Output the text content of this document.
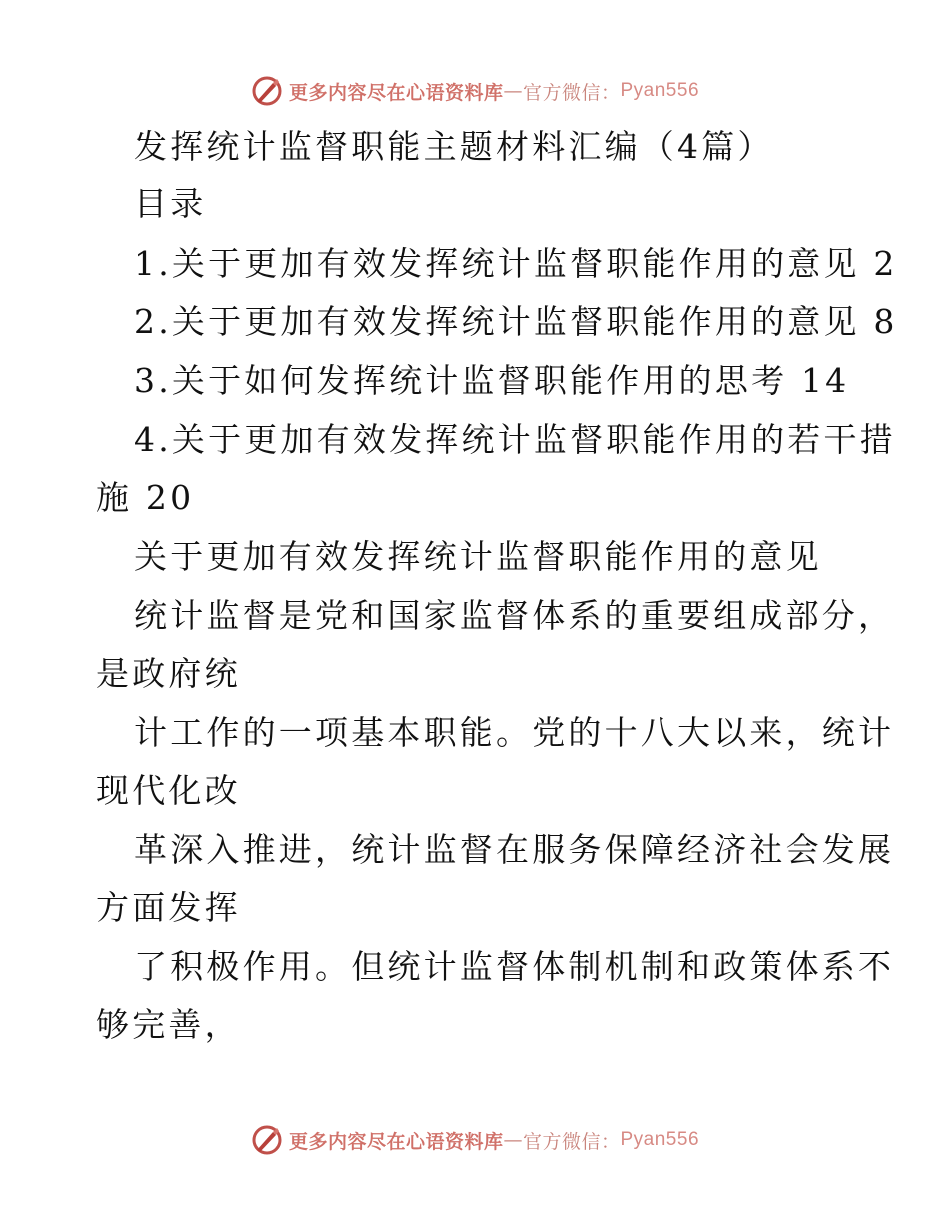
更多内容尽在心语资料库 — 官方微信： Pyan556
发挥统计监督职能主题材料汇编（4篇）
目录
1.关于更加有效发挥统计监督职能作用的意见 2
2.关于更加有效发挥统计监督职能作用的意见 8
3.关于如何发挥统计监督职能作用的思考 14
4.关于更加有效发挥统计监督职能作用的若干措
施 20
关于更加有效发挥统计监督职能作用的意见
统计监督是党和国家监督体系的重要组成部分，
是政府统
计工作的一项基本职能。党的十八大以来，统计
现代化改
革深入推进，统计监督在服务保障经济社会发展
方面发挥
了积极作用。但统计监督体制机制和政策体系不
够完善，
更多内容尽在心语资料库 — 官方微信： Pyan556
